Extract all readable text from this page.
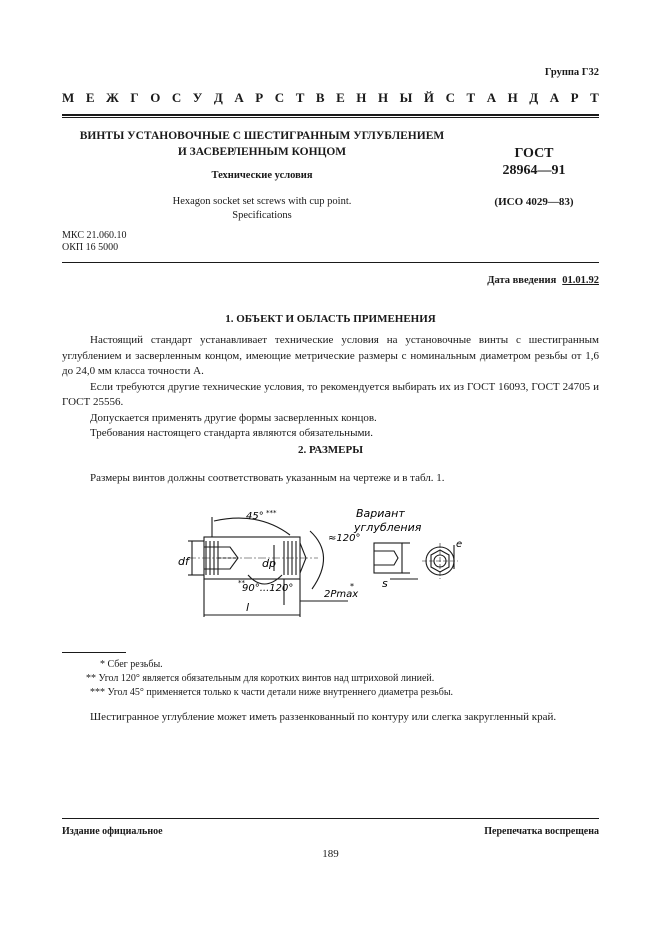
Группа Г32
М Е Ж Г О С У Д А Р С Т В Е Н Н Ы Й С Т А Н Д А Р Т
ВИНТЫ УСТАНОВОЧНЫЕ С ШЕСТИГРАННЫМ УГЛУБЛЕНИЕМ
И ЗАСВЕРЛЕННЫМ КОНЦОМ
Технические условия
Hexagon socket set screws with cup point.
Specifications
ГОСТ
28964—91
(ИСО 4029—83)
МКС 21.060.10
ОКП 16 5000
Дата введения 01.01.92
1. ОБЪЕКТ И ОБЛАСТЬ ПРИМЕНЕНИЯ

Настоящий стандарт устанавливает технические условия на установочные винты с шестигранным углублением и засверленным концом, имеющие метрические размеры с номинальным диаметром резьбы от 1,6 до 24,0 мм класса точности А.

Если требуются другие технические условия, то рекомендуется выбирать их из ГОСТ 16093, ГОСТ 24705 и ГОСТ 25556.

Допускается применять другие формы засверленных концов.

Требования настоящего стандарта являются обязательными.

2. РАЗМЕРЫ

Размеры винтов должны соответствовать указанным на чертеже и в табл. 1.

45° ***
≈120°
Вариант
углубления
90°...120°
**
df	dp
l
2Pmax
*	s
e
* Сбег резьбы.
** Угол 120° является обязательным для коротких винтов над штриховой линией.
*** Угол 45° применяется только к части детали ниже внутреннего диаметра резьбы.

Шестигранное углубление может иметь раззенкованный по контуру или слегка закругленный край.

Издание официальное	Перепечатка воспрещена
189
